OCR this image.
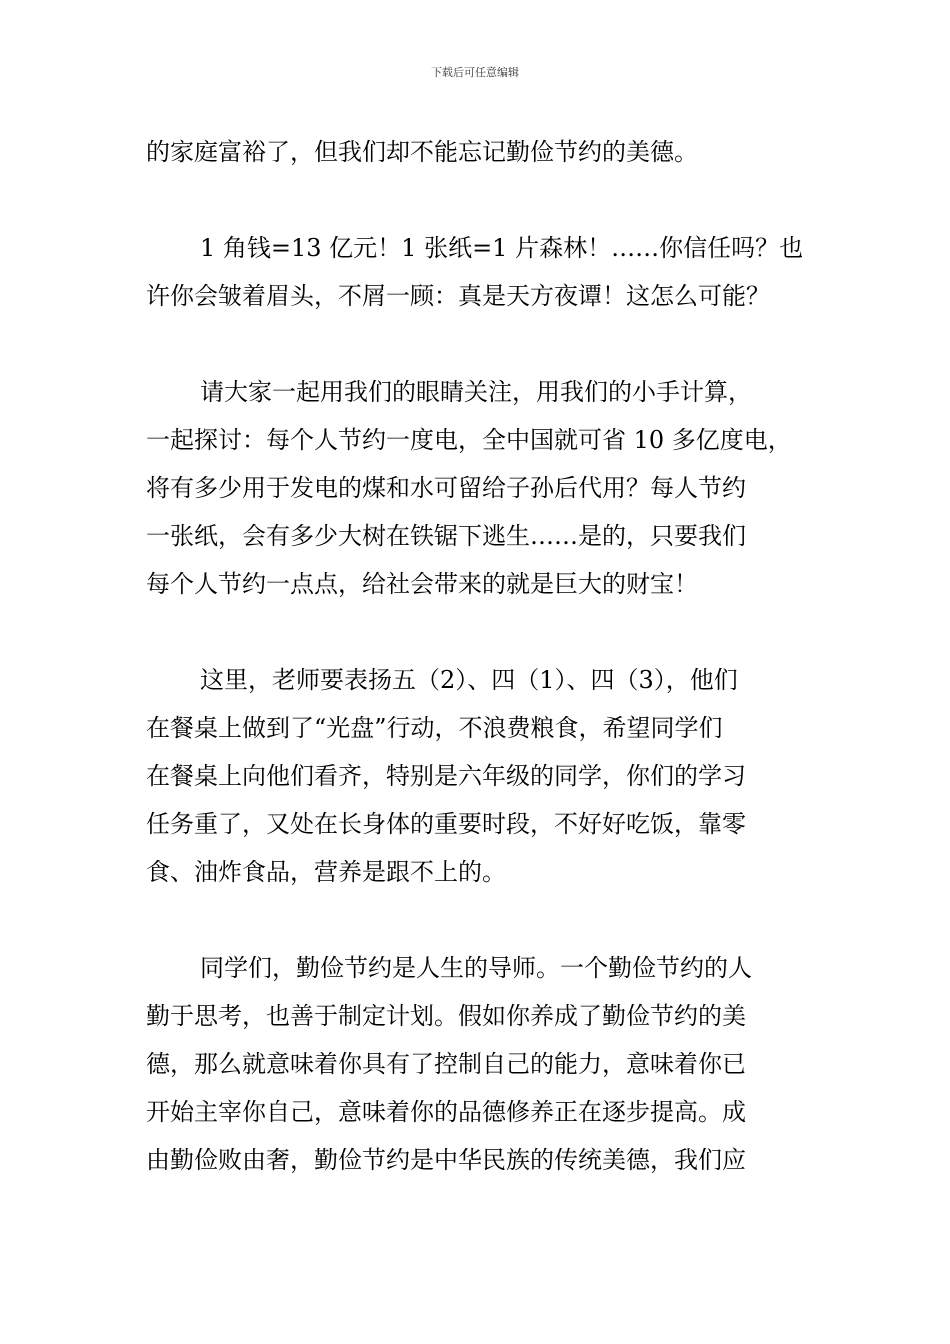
下载后可任意编辑

的家庭富裕了，但我们却不能忘记勤俭节约的美德。

1 角钱=13 亿元！1 张纸=1 片森林！……你信任吗？也
许你会皱着眉头，不屑一顾：真是天方夜谭！这怎么可能？

请大家一起用我们的眼睛关注，用我们的小手计算，
一起探讨：每个人节约一度电，全中国就可省 10 多亿度电，
将有多少用于发电的煤和水可留给子孙后代用？每人节约
一张纸，会有多少大树在铁锯下逃生……是的，只要我们
每个人节约一点点，给社会带来的就是巨大的财宝！

这里，老师要表扬五（2）、四（1）、四（3），他们
在餐桌上做到了“光盘”行动，不浪费粮食，希望同学们
在餐桌上向他们看齐，特别是六年级的同学，你们的学习
任务重了，又处在长身体的重要时段，不好好吃饭，靠零
食、油炸食品，营养是跟不上的。

同学们，勤俭节约是人生的导师。一个勤俭节约的人
勤于思考，也善于制定计划。假如你养成了勤俭节约的美
德，那么就意味着你具有了控制自己的能力，意味着你已
开始主宰你自己，意味着你的品德修养正在逐步提高。成
由勤俭败由奢，勤俭节约是中华民族的传统美德，我们应
